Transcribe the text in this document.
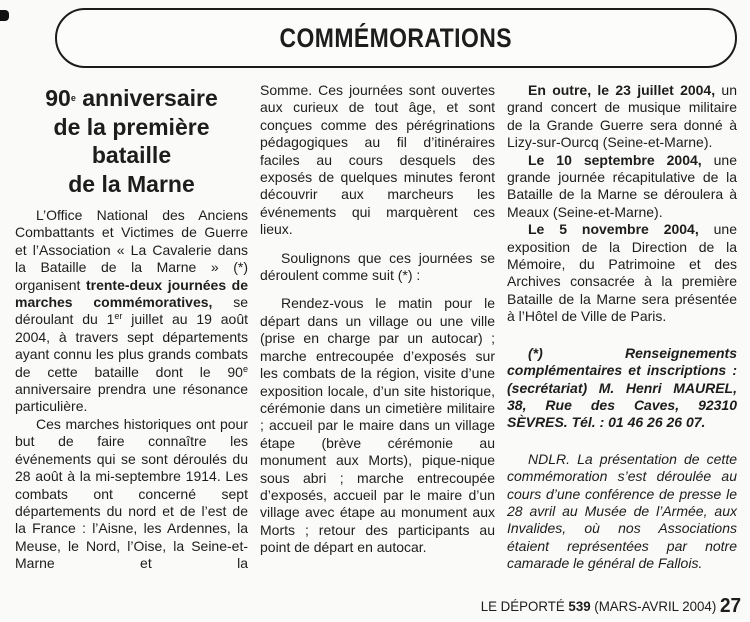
COMMÉMORATIONS

90e anniversaire

de la première

bataille

de la Marne

L’Office National des Anciens Combattants et Victimes de Guerre et l’Association « La Cavalerie dans la Bataille de la Marne » (*) organisent trente-deux journées de marches commémoratives, se déroulant du 1er juillet au 19 août 2004, à travers sept départements ayant connu les plus grands combats de cette bataille dont le 90e anniversaire prendra une résonance particulière.

Ces marches historiques ont pour but de faire connaître les événements qui se sont déroulés du 28 août à la mi-septembre 1914. Les combats ont concerné sept départements du nord et de l’est de la France : l’Aisne, les Ardennes, la Meuse, le Nord, l’Oise, la Seine-et-Marne et la

Somme. Ces journées sont ouvertes aux curieux de tout âge, et sont conçues comme des pérégrinations pédagogiques au fil d’itinéraires faciles au cours desquels des exposés de quelques minutes feront découvrir aux marcheurs les événements qui marquèrent ces lieux.

Soulignons que ces journées se déroulent comme suit (*) :

Rendez-vous le matin pour le départ dans un village ou une ville (prise en charge par un autocar) ; marche entrecoupée d’exposés sur les combats de la région, visite d’une exposition locale, d’un site historique, cérémonie dans un cimetière militaire ; accueil par le maire dans un village étape (brève cérémonie au monument aux Morts), pique-nique sous abri ; marche entrecoupée d’exposés, accueil par le maire d’un village avec étape au monument aux Morts ; retour des participants au point de départ en autocar.

En outre, le 23 juillet 2004, un grand concert de musique militaire de la Grande Guerre sera donné à Lizy-sur-Ourcq (Seine-et-Marne).

Le 10 septembre 2004, une grande journée récapitulative de la Bataille de la Marne se déroulera à Meaux (Seine-et-Marne).

Le 5 novembre 2004, une exposition de la Direction de la Mémoire, du Patrimoine et des Archives consacrée à la première Bataille de la Marne sera présentée à l’Hôtel de Ville de Paris.

(*) Renseignements complémentaires et inscriptions : (secrétariat) M. Henri MAUREL, 38, Rue des Caves, 92310 SÈVRES. Tél. : 01 46 26 26 07.

NDLR. La présentation de cette commémoration s’est déroulée au cours d’une conférence de presse le 28 avril au Musée de l’Armée, aux Invalides, où nos Associations étaient représentées par notre camarade le général de Fallois.

LE DÉPORTÉ 539 (MARS-AVRIL 2004) 27
